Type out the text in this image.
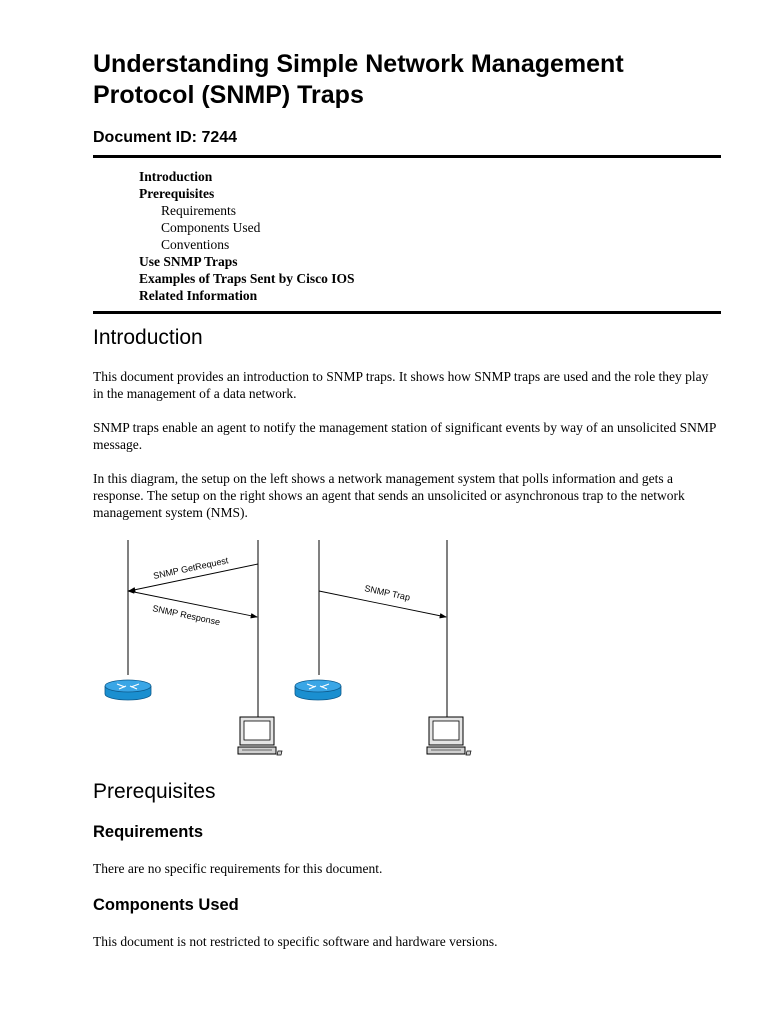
Understanding Simple Network Management
Protocol (SNMP) Traps
Document ID: 7244
Introduction
Prerequisites
Requirements
Components Used
Conventions
Use SNMP Traps
Examples of Traps Sent by Cisco IOS
Related Information
Introduction

This document provides an introduction to SNMP traps. It shows how SNMP traps are used and the role they play in the management of a data network.

SNMP traps enable an agent to notify the management station of significant events by way of an unsolicited SNMP message.

In this diagram, the setup on the left shows a network management system that polls information and gets a response. The setup on the right shows an agent that sends an unsolicited or asynchronous trap to the network management system (NMS).

Prerequisites
Requirements

There are no specific requirements for this document.

Components Used

This document is not restricted to specific software and hardware versions.

SNMP GetRequest
SNMP Response
SNMP Trap
